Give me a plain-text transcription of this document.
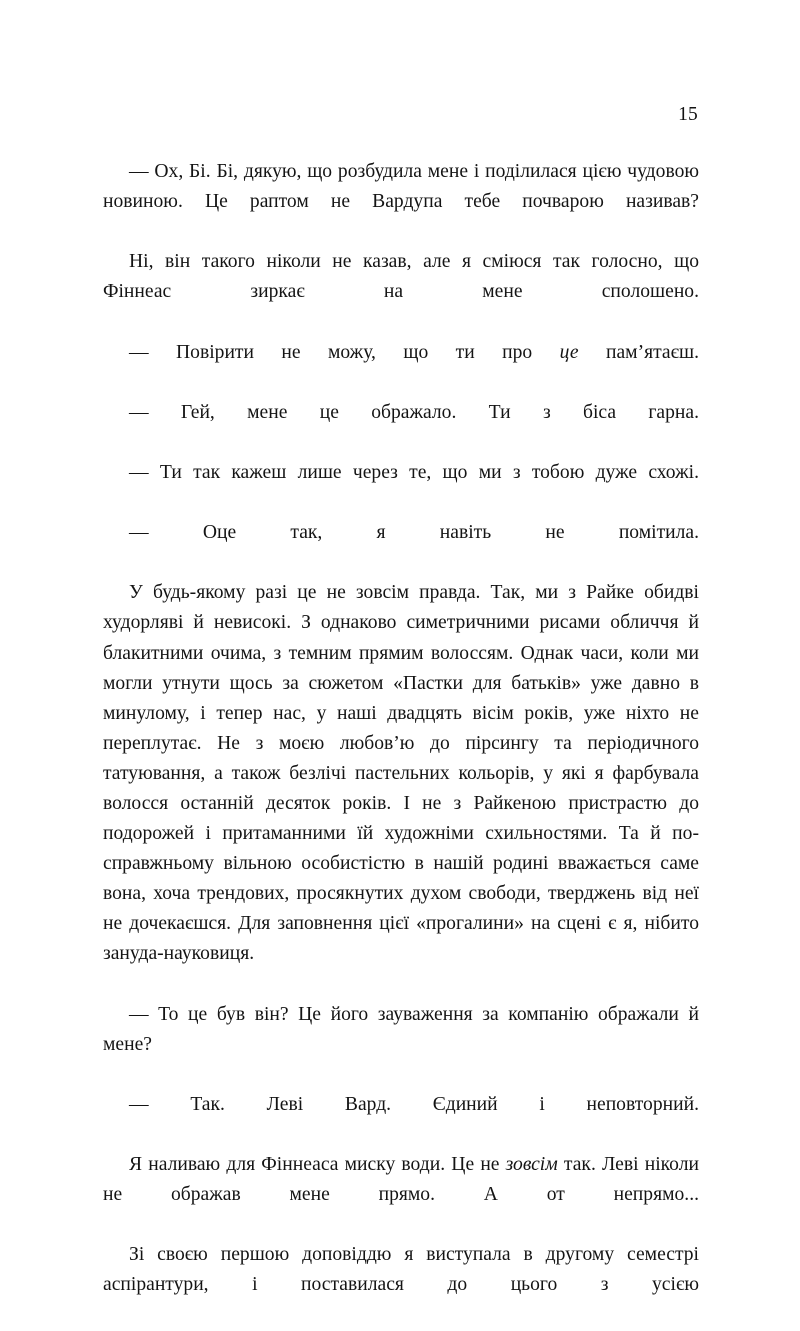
15

— Ох, Бі. Бі, дякую, що розбудила мене і поділилася цією чудовою новиною. Це раптом не Вардупа тебе почварою називав?

Ні, він такого ніколи не казав, але я сміюся так голосно, що Фіннеас зиркає на мене сполошено.

— Повірити не можу, що ти про це пам’ятаєш.

— Гей, мене це ображало. Ти з біса гарна.

— Ти так кажеш лише через те, що ми з тобою дуже схожі.

— Оце так, я навіть не помітила.

У будь-якому разі це не зовсім правда. Так, ми з Райке обидві худорляві й невисокі. З однаково симетричними рисами обличчя й блакитними очима, з темним прямим волоссям. Однак часи, коли ми могли утнути щось за сюжетом «Пастки для батьків» уже давно в минулому, і тепер нас, у наші двадцять вісім років, уже ніхто не переплутає. Не з моєю любов’ю до пірсингу та періодичного татуювання, а також безлічі пастельних кольорів, у які я фарбувала волосся останній десяток років. І не з Райкеною пристрастю до подорожей і притаманними їй художніми схильностями. Та й по-справжньому вільною особистістю в нашій родині вважається саме вона, хоча трендових, просякнутих духом свободи, тверджень від неї не дочекаєшся. Для заповнення цієї «прогалини» на сцені є я, нібито зануда-науковиця.

— То це був він? Це його зауваження за компанію ображали й мене?

— Так. Леві Вард. Єдиний і неповторний.

Я наливаю для Фіннеаса миску води. Це не зовсім так. Леві ніколи не ображав мене прямо. А от непрямо...

Зі своєю першою доповіддю я виступала в другому семестрі аспірантури, і поставилася до цього з усією
